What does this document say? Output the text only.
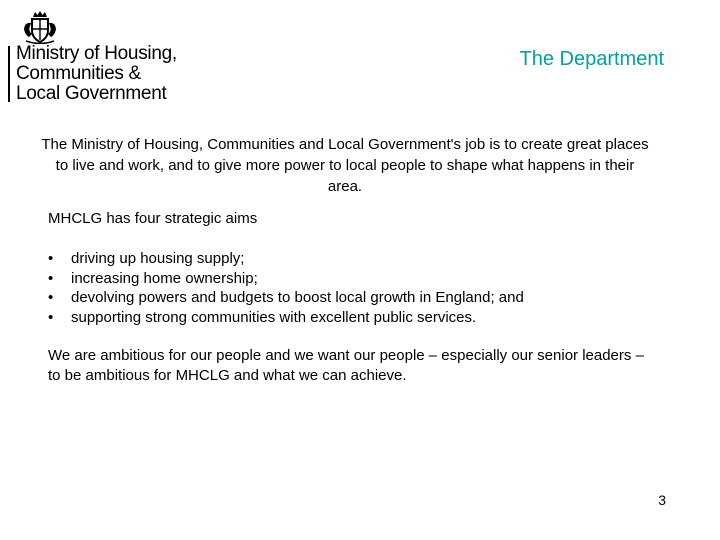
Ministry of Housing,
Communities &
Local Government
The Department

The Ministry of Housing, Communities and Local Government's job is to create great places to live and work, and to give more power to local people to shape what happens in their area.

MHCLG has four strategic aims

• driving up housing supply;
• increasing home ownership;
• devolving powers and budgets to boost local growth in England; and
• supporting strong communities with excellent public services.

We are ambitious for our people and we want our people – especially our senior leaders – to be ambitious for MHCLG and what we can achieve.

3
